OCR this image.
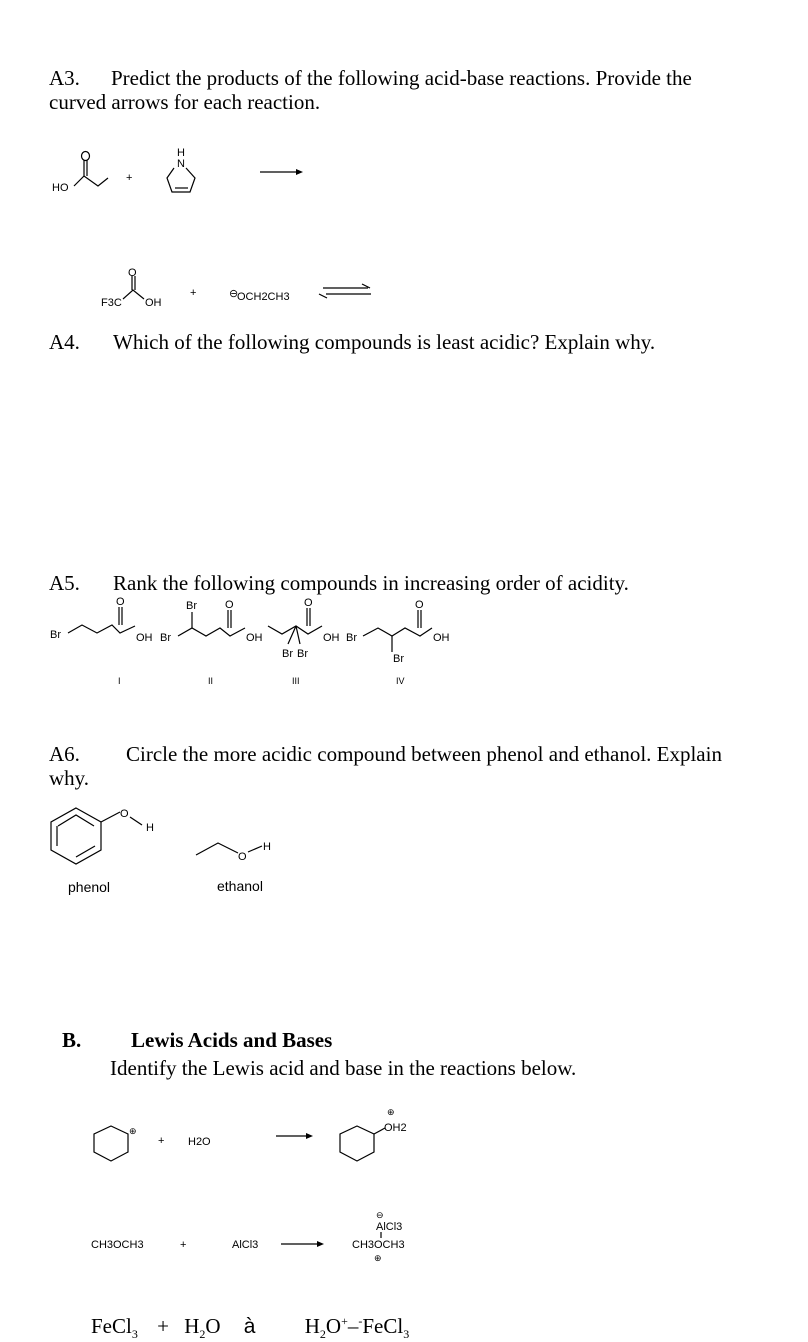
A3. Predict the products of the following acid-base reactions. Provide the
curved arrows for each reaction.
HO
+
H
N
F3C
O
OH
+	⊖
OCH2CH3
Br
O
OH Br
Br	O
OH
O
Br Br
OH Br
Br
O
OH
I	II	III	IV
O
H
phenol
O
H
ethanol
⊕
+ H2O
⊕
OH2
CH3OCH3	+	AlCl3
⊖
AlCl3
CH3OCH3
⊕
A4. Which of the following compounds is least acidic? Explain why.
A5. Rank the following compounds in increasing order of acidity.
A6. Circle the more acidic compound between phenol and ethanol. Explain
why.
B. Lewis Acids and Bases
Identify the Lewis acid and base in the reactions below.
FeCl$_3$ + $H_2O$ à $H_2O^+-^-FeCl_3$
